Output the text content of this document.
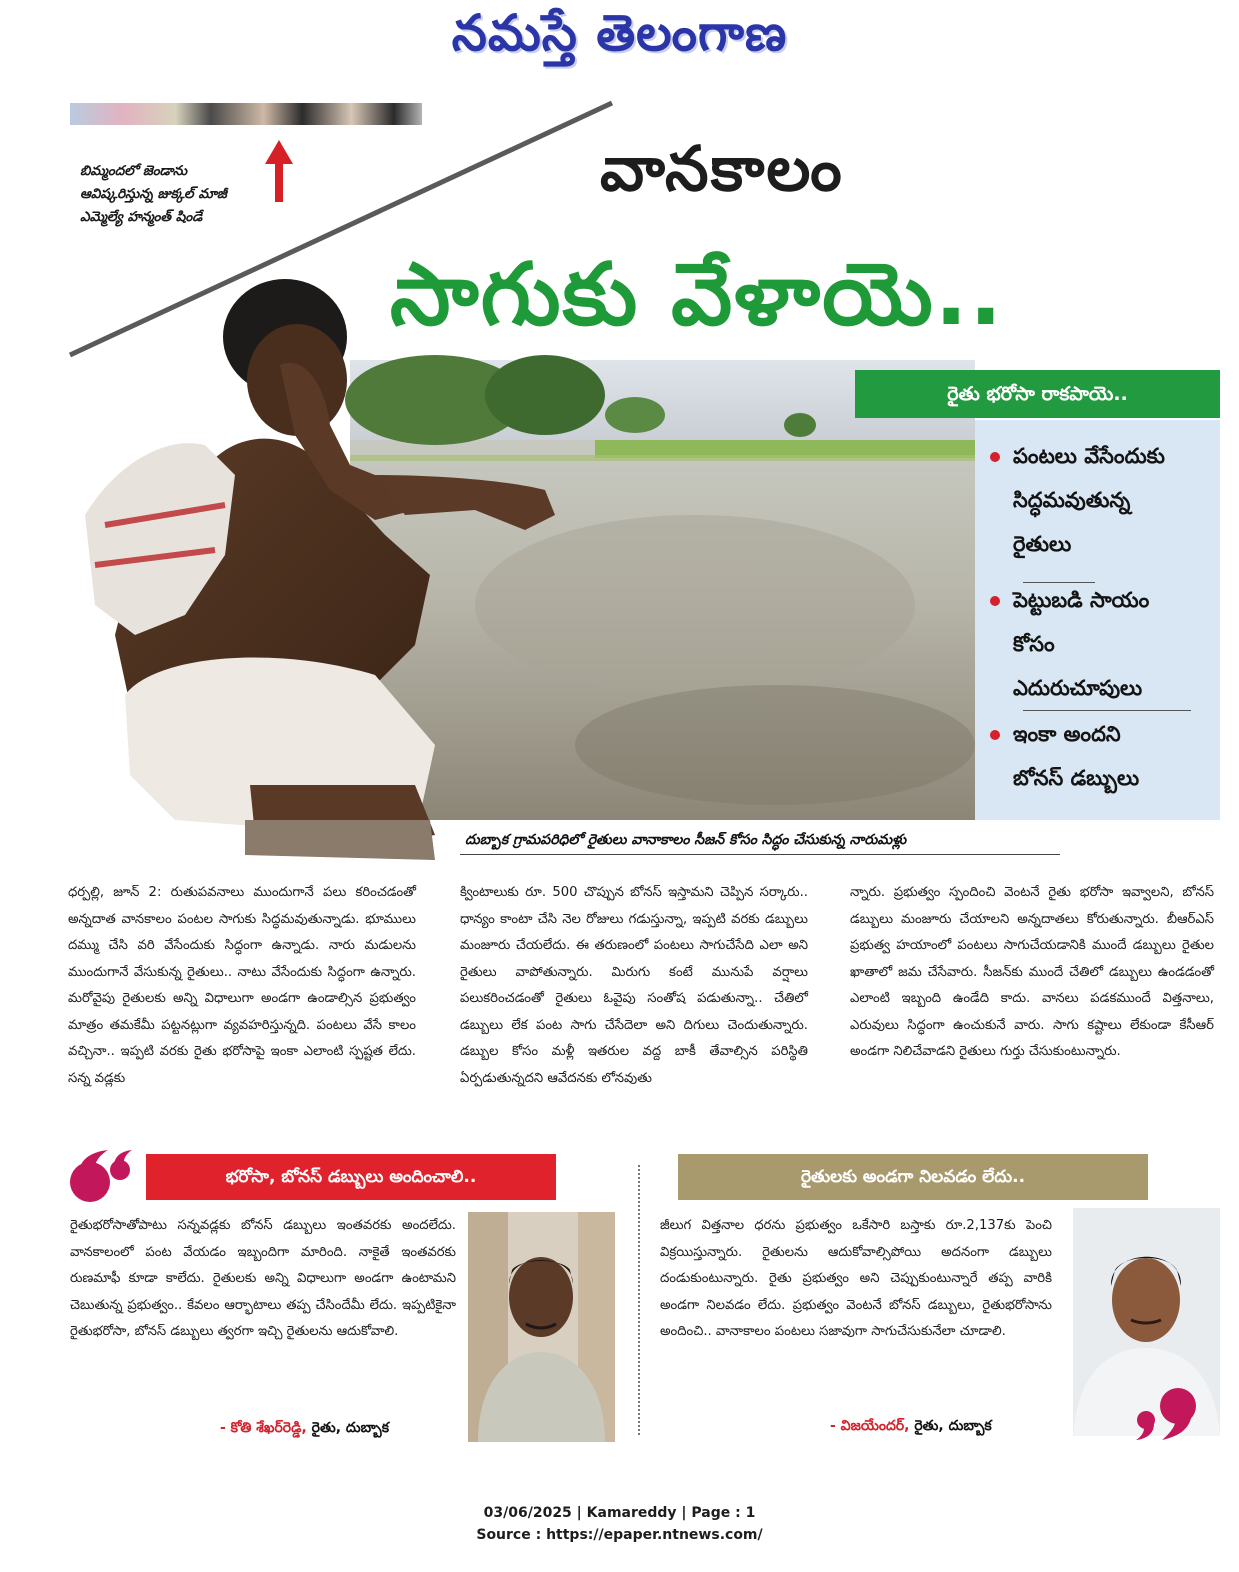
నమస్తే తెలంగాణ
బిమ్మందలో జెండాను ఆవిష్కరిస్తున్న జుక్కల్ మాజీ ఎమ్మెల్యే హన్మంత్ షిండే
వానకాలం
సాగుకు వేళాయె..
రైతు భరోసా రాకపాయె..
పంటలు వేసేందుకు
సిద్ధమవుతున్న
రైతులు
పెట్టుబడి సాయం
కోసం
ఎదురుచూపులు
ఇంకా అందని
బోనస్ డబ్బులు
దుబ్బాక గ్రామపరిధిలో రైతులు వానాకాలం సీజన్ కోసం సిద్ధం చేసుకున్న నారుమళ్లు
ధర్పల్లి, జూన్ 2: రుతుపవనాలు ముందుగానే పలు కరించడంతో అన్నదాత వానకాలం పంటల సాగుకు సిద్ధమవుతున్నాడు. భూములు దమ్ము చేసి వరి వేసేందుకు సిద్ధంగా ఉన్నాడు. నారు మడులను ముందుగానే వేసుకున్న రైతులు.. నాటు వేసేందుకు సిద్ధంగా ఉన్నారు. మరోవైపు రైతులకు అన్ని విధాలుగా అండగా ఉండాల్సిన ప్రభుత్వం మాత్రం తమకేమీ పట్టనట్లుగా వ్యవహరిస్తున్నది. పంటలు వేసే కాలం వచ్చినా.. ఇప్పటి వరకు రైతు భరోసాపై ఇంకా ఎలాంటి స్పష్టత లేదు. సన్న వడ్లకు
క్వింటాలుకు రూ. 500 చొప్పున బోనస్ ఇస్తామని చెప్పిన సర్కారు.. ధాన్యం కాంటా చేసి నెల రోజులు గడుస్తున్నా, ఇప్పటి వరకు డబ్బులు మంజూరు చేయలేదు. ఈ తరుణంలో పంటలు సాగుచేసేది ఎలా అని రైతులు వాపోతున్నారు. మిరుగు కంటే మునుపే వర్షాలు పలుకరించడంతో రైతులు ఓవైపు సంతోష పడుతున్నా.. చేతిలో డబ్బులు లేక పంట సాగు చేసేదెలా అని దిగులు చెందుతున్నారు. డబ్బుల కోసం మళ్లీ ఇతరుల వద్ద బాకీ తేవాల్సిన పరిస్థితి ఏర్పడుతున్నదని ఆవేదనకు లోనవుతు
న్నారు. ప్రభుత్వం స్పందించి వెంటనే రైతు భరోసా ఇవ్వాలని, బోనస్ డబ్బులు మంజూరు చేయాలని అన్నదాతలు కోరుతున్నారు. బీఆర్ఎస్ ప్రభుత్వ హయాంలో పంటలు సాగుచేయడానికి ముందే డబ్బులు రైతుల ఖాతాలో జమ చేసేవారు. సీజన్‌కు ముందే చేతిలో డబ్బులు ఉండడంతో ఎలాంటి ఇబ్బంది ఉండేది కాదు. వానలు పడకముందే విత్తనాలు, ఎరువులు సిద్ధంగా ఉంచుకునే వారు. సాగు కష్టాలు లేకుండా కేసీఆర్ అండగా నిలిచేవాడని రైతులు గుర్తు చేసుకుంటున్నారు.
భరోసా, బోనస్ డబ్బులు అందించాలి..	రైతులకు అండగా నిలవడం లేదు..
రైతుభరోసాతోపాటు సన్నవడ్లకు బోనస్ డబ్బులు ఇంతవరకు అందలేదు. వానకాలంలో పంట వేయడం ఇబ్బందిగా మారింది. నాకైతే ఇంతవరకు రుణమాఫీ కూడా కాలేదు. రైతులకు అన్ని విధాలుగా అండగా ఉంటామని చెబుతున్న ప్రభుత్వం.. కేవలం ఆర్భాటాలు తప్ప చేసిందేమీ లేదు. ఇప్పటికైనా రైతుభరోసా, బోనస్ డబ్బులు త్వరగా ఇచ్చి రైతులను ఆదుకోవాలి.
- కోతి శేఖర్‌రెడ్డి, రైతు, దుబ్బాక
జీలుగ విత్తనాల ధరను ప్రభుత్వం ఒకేసారి బస్తాకు రూ.2,137కు పెంచి విక్రయిస్తున్నారు. రైతులను ఆదుకోవాల్సిపోయి అదనంగా డబ్బులు దండుకుంటున్నారు. రైతు ప్రభుత్వం అని చెప్పుకుంటున్నారే తప్ప వారికి అండగా నిలవడం లేదు. ప్రభుత్వం వెంటనే బోనస్ డబ్బులు, రైతుభరోసాను అందించి.. వానాకాలం పంటలు సజావుగా సాగుచేసుకునేలా చూడాలి.
- విజయేందర్, రైతు, దుబ్బాక
03/06/2025 | Kamareddy | Page : 1
Source : https://epaper.ntnews.com/
